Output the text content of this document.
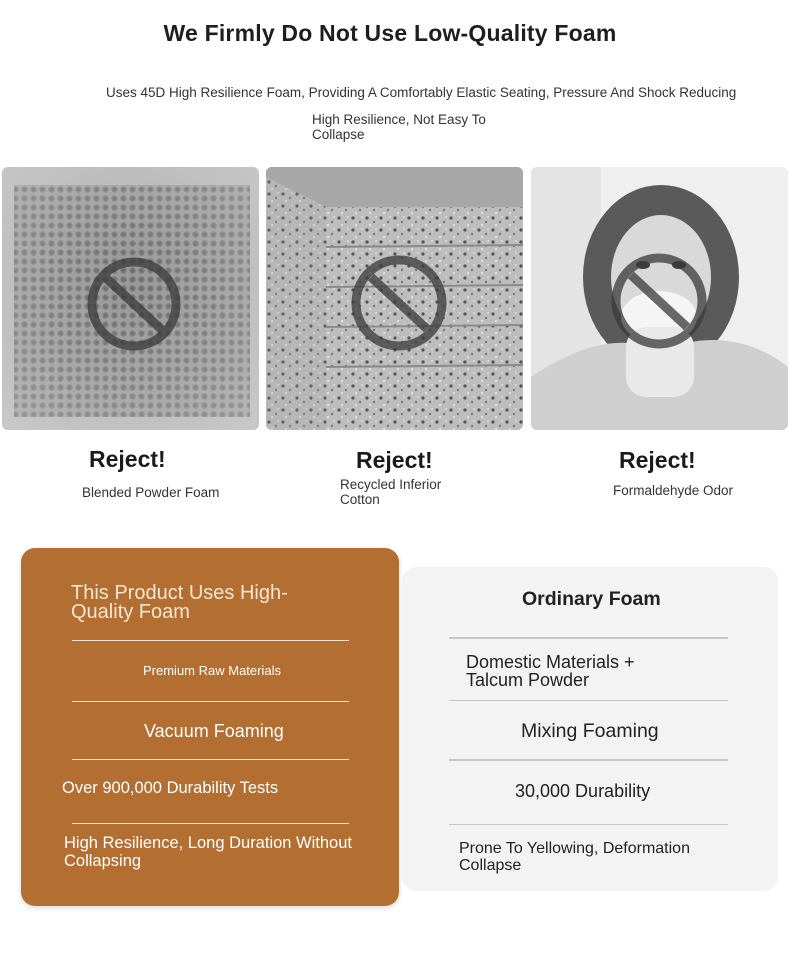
We Firmly Do Not Use Low-Quality Foam
Uses 45D High Resilience Foam, Providing A Comfortably Elastic Seating, Pressure And Shock Reducing
High Resilience, Not Easy To Collapse
Reject!
Blended Powder Foam
Reject!
Recycled Inferior Cotton
Reject!
Formaldehyde Odor
This Product Uses High-Quality Foam
Premium Raw Materials
Vacuum Foaming
Over 900,000 Durability Tests
High Resilience, Long Duration Without Collapsing
Ordinary Foam
Domestic Materials + Talcum Powder
Mixing Foaming
30,000 Durability
Prone To Yellowing, Deformation Collapse
